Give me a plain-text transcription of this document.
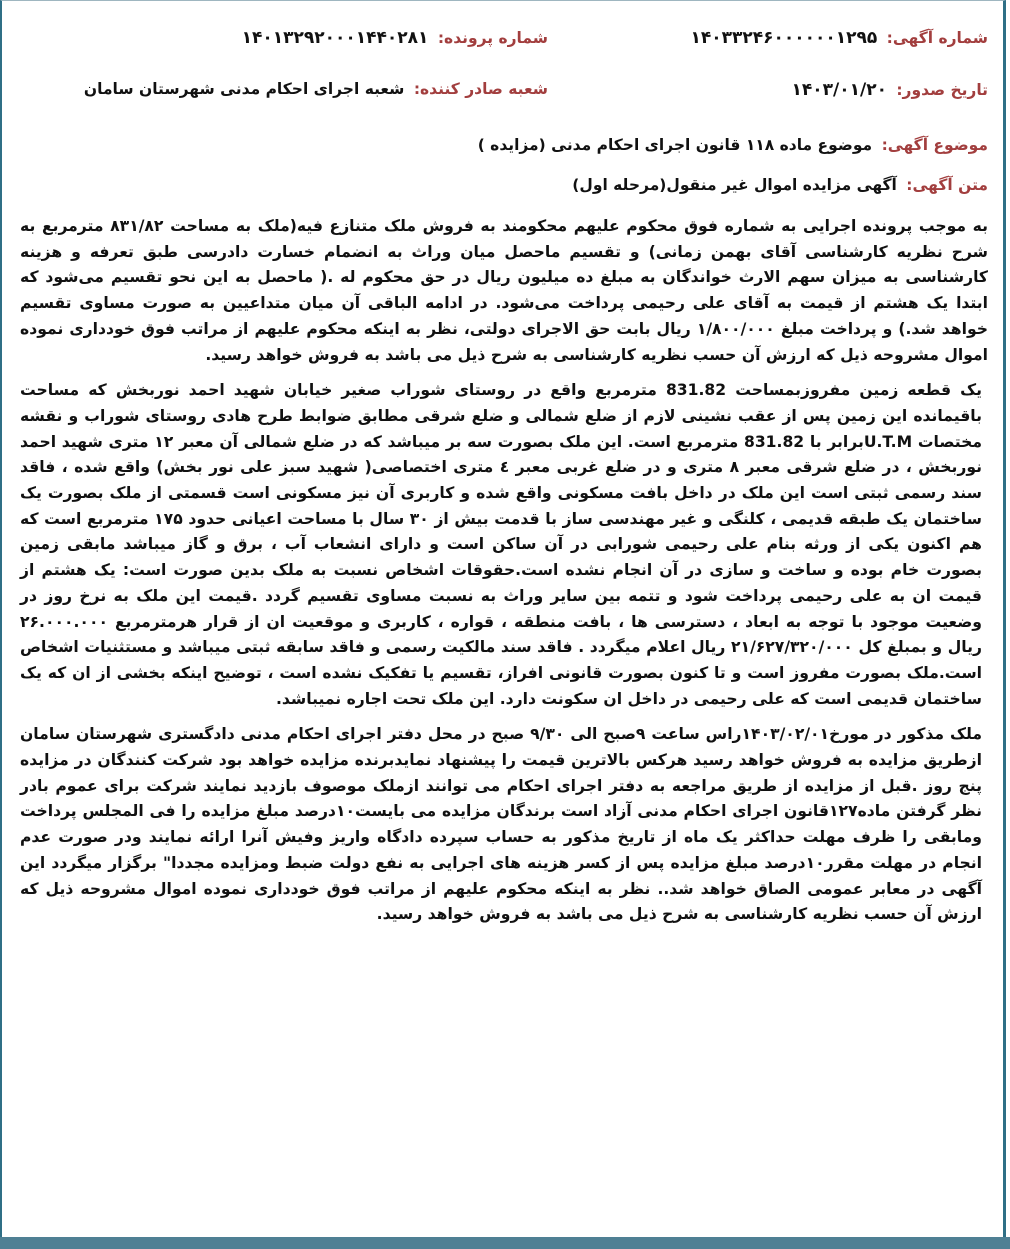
شماره آگهی: ۱۴۰۳۳۲۴۶۰۰۰۰۰۰۱۲۹۵
شماره پرونده: ۱۴۰۱۳۲۹۲۰۰۰۱۴۴۰۲۸۱
تاریخ صدور: ۱۴۰۳/۰۱/۲۰
شعبه صادر کننده: شعبه اجرای احکام مدنی شهرستان سامان
موضوع آگهی: موضوع ماده ۱۱۸ قانون اجرای احکام مدنی (مزایده )
متن آگهی: آگهی مزایده اموال غیر منقول(مرحله اول)

به موجب پرونده اجرایی به شماره فوق محکوم علیهم محکومند به فروش ملک متنازع فیه(ملک به مساحت ۸۳۱/۸۲ مترمربع به شرح نظریه کارشناسی آقای بهمن زمانی) و تقسیم ماحصل میان وراث به انضمام خسارت دادرسی طبق تعرفه و هزینه کارشناسی به میزان سهم الارث خواندگان به مبلغ ده میلیون ریال در حق محکوم له .( ماحصل به این نحو تقسیم می‌شود که ابتدا یک هشتم از قیمت به آقای علی رحیمی پرداخت می‌شود. در ادامه الباقی آن میان متداعیین به صورت مساوی تقسیم خواهد شد.) و پرداخت مبلغ ۱/۸۰۰/۰۰۰ ریال بابت حق الاجرای دولتی، نظر به اینکه محکوم علیهم از مراتب فوق خودداری نموده اموال مشروحه ذیل که ارزش آن حسب نظریه کارشناسی به شرح ذیل می باشد به فروش خواهد رسید.

یک قطعه زمین مفروزبمساحت 831.82 مترمربع واقع در روستای شوراب صغیر خیابان شهید احمد نوربخش که مساحت باقیمانده این زمین پس از عقب نشینی لازم از ضلع شمالی و ضلع شرقی مطابق ضوابط طرح هادی روستای شوراب و نقشه مختصات U.T.Mبرابر با 831.82 مترمربع است. این ملک بصورت سه بر میباشد که در ضلع شمالی آن معبر ۱۲ متری شهید احمد نوربخش ، در ضلع شرقی معبر ۸ متری و در ضلع غربی معبر ٤ متری اختصاصی( شهید سبز علی نور بخش) واقع شده ، فاقد سند رسمی ثبتی است این ملک در داخل بافت مسکونی واقع شده و کاربری آن نیز مسکونی است قسمتی از ملک بصورت یک ساختمان یک طبقه قدیمی ، کلنگی و غیر مهندسی ساز با قدمت بیش از ۳۰ سال با مساحت اعیانی حدود ۱۷۵ مترمربع است که هم اکنون یکی از ورثه بنام علی رحیمی شورابی در آن ساکن است و دارای انشعاب آب ، برق و گاز میباشد مابقی زمین بصورت خام بوده و ساخت و سازی در آن انجام نشده است.حقوقات اشخاص نسبت به ملک بدین صورت است: یک هشتم از قیمت ان به علی رحیمی پرداخت شود و تتمه بین سایر وراث به نسبت مساوی تقسیم گردد .قیمت این ملک به نرخ روز در وضعیت موجود با توجه به ابعاد ، دسترسی ها ، بافت منطقه ، قواره ، کاربری و موقعیت ان از قرار هرمترمربع ۲۶.۰۰۰.۰۰۰ ریال و بمبلغ کل ۲۱/۶۲۷/۳۲۰/۰۰۰ ریال اعلام میگردد . فاقد سند مالکیت رسمی و فاقد سابقه ثبتی میباشد و مستثنیات اشخاص است.ملک بصورت مفروز است و تا کنون بصورت قانونی افراز، تقسیم یا تفکیک نشده است ، توضیح اینکه بخشی از ان که یک ساختمان قدیمی است که علی رحیمی در داخل ان سکونت دارد. این ملک تحت اجاره نمیباشد.

ملک مذکور در مورخ۱۴۰۳/۰۲/۰۱راس ساعت ۹صبح الی ۹/۳۰ صبح در محل دفتر اجرای احکام مدنی دادگستری شهرستان سامان ازطریق مزایده به فروش خواهد رسید هرکس بالاترین قیمت را پیشنهاد نمایدبرنده مزایده خواهد بود شرکت کنندگان در مزایده پنج روز .قبل از مزایده از طریق مراجعه به دفتر اجرای احکام می توانند ازملک موصوف بازدید نمایند شرکت برای عموم بادر نظر گرفتن ماده۱۲۷قانون اجرای احکام مدنی آزاد است برندگان مزایده می بایست۱۰درصد مبلغ مزایده را فی المجلس پرداخت ومابقی را ظرف مهلت حداکثر یک ماه از تاریخ مذکور به حساب سپرده دادگاه واریز وفیش آنرا ارائه نمایند ودر صورت عدم انجام در مهلت مقرر۱۰درصد مبلغ مزایده پس از کسر هزینه های اجرایی به نفع دولت ضبط ومزایده مجددا" برگزار میگردد این آگهی در معابر عمومی الصاق خواهد شد.. نظر به اینکه محکوم علیهم از مراتب فوق خودداری نموده اموال مشروحه ذیل که ارزش آن حسب نظریه کارشناسی به شرح ذیل می باشد به فروش خواهد رسید.
